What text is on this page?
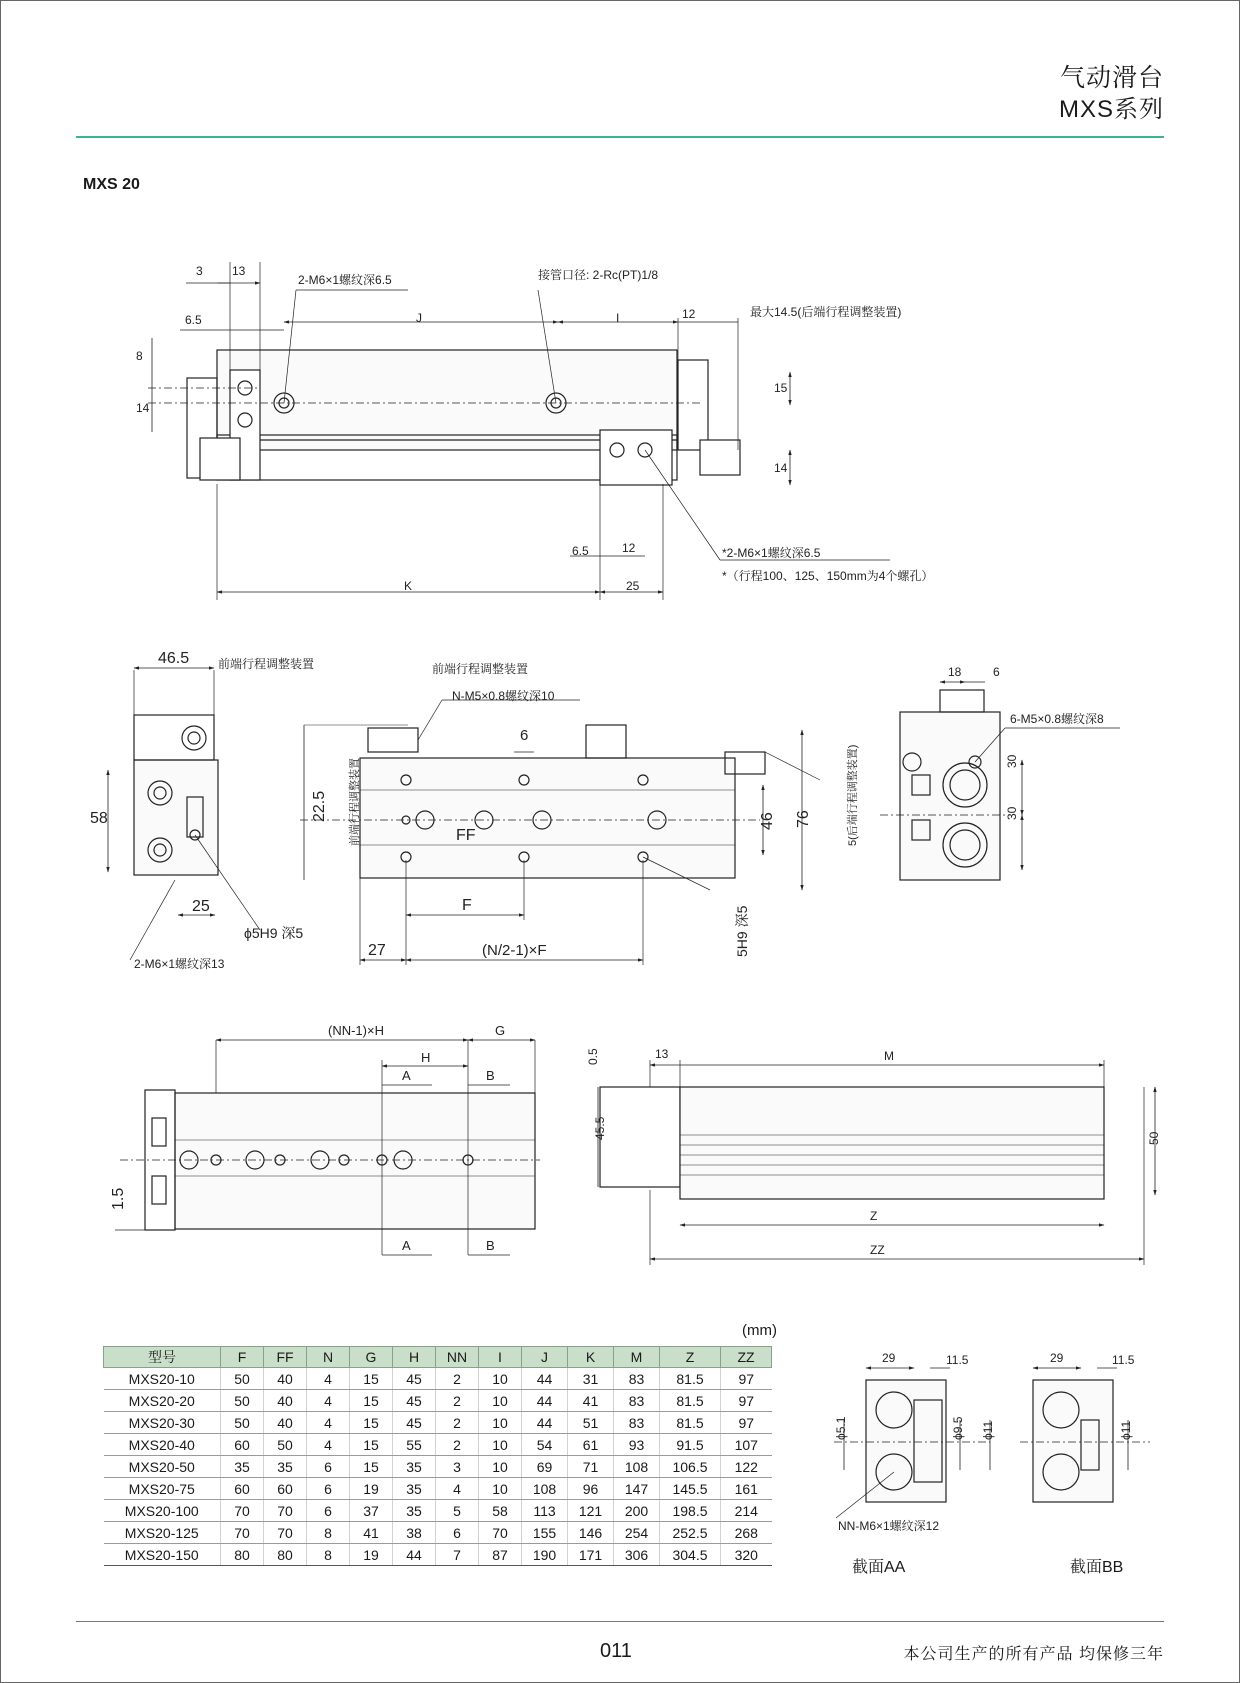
气动滑台
MXS系列
MXS 20
3 13
6.5
8
14
J	I	12
15
14
6.5	12
K	25
2-M6×1螺纹深6.5	接管口径: 2-Rc(PT)1/8
最大14.5(后端行程调整装置)
*2-M6×1螺纹深6.5
*（行程100、125、150mm为4个螺孔）
46.5
58
25
前端行程调整装置
2-M6×1螺纹深13
ϕ5H9 深5
前端行程调整装置
N-M5×0.8螺纹深10
6
22.5
FF
46 76
F
27	(N/2-1)×F
前端行程调整装置	5(后端行程调整装置)
5H9 深5
18	6
30
30
6-M5×0.8螺纹深8
(NN-1)×H	G
H
A	B
A	B
1.5
13	M
0.5
45.5	50
Z
ZZ
29	11.5
ϕ5.1	ϕ9.5 ϕ11
NN-M6×1螺纹深12
29	11.5
ϕ11
(mm)
型号	F	FF	N	G	H	NN	I	J	K	M	Z	ZZ
MXS20-10	50	40	4	15	45	2	10	44	31	83	81.5	97
MXS20-20	50	40	4	15	45	2	10	44	41	83	81.5	97
MXS20-30	50	40	4	15	45	2	10	44	51	83	81.5	97
MXS20-40	60	50	4	15	55	2	10	54	61	93	91.5	107
MXS20-50	35	35	6	15	35	3	10	69	71	108	106.5	122
MXS20-75	60	60	6	19	35	4	10	108	96	147	145.5	161
MXS20-100	70	70	6	37	35	5	58	113	121	200	198.5	214
MXS20-125	70	70	8	41	38	6	70	155	146	254	252.5	268
MXS20-150	80	80	8	19	44	7	87	190	171	306	304.5	320
截面AA	截面BB
011	本公司生产的所有产品 均保修三年
